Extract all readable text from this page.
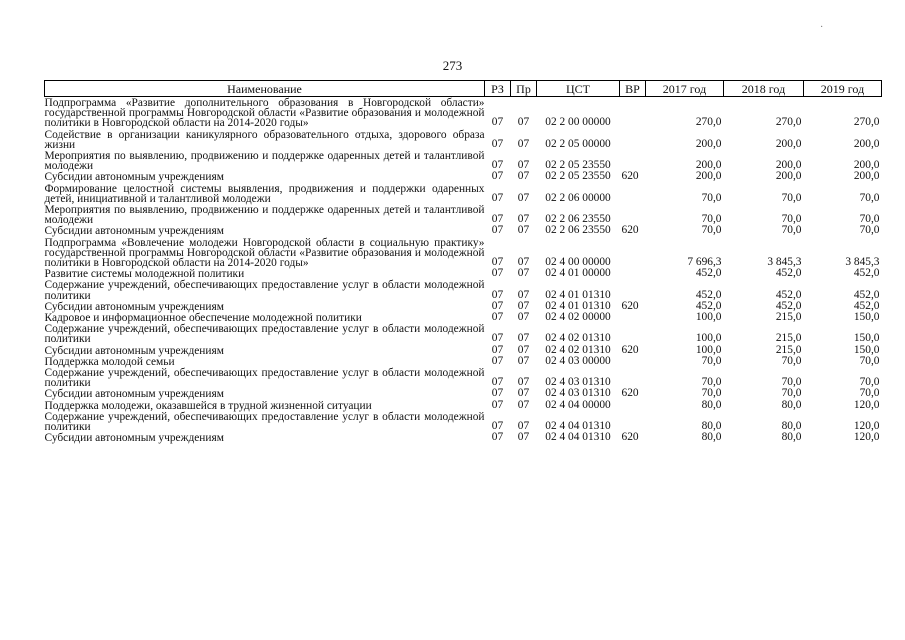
273
Наименование	РЗ	Пр	ЦСТ	ВР	2017 год	2018 год	2019 год
Подпрограмма «Развитие дополнительного образования в Новгородской области» государственной программы Новгородской области «Развитие образования и молодежной политики в Новгородской области на 2014-2020 годы»	07	07	02 2 00 00000		270,0	270,0	270,0
Содействие в организации каникулярного образовательного отдыха, здорового образа жизни	07	07	02 2 05 00000		200,0	200,0	200,0
Мероприятия по выявлению, продвижению и поддержке одаренных детей и талантливой молодежи	07	07	02 2 05 23550		200,0	200,0	200,0
Субсидии автономным учреждениям	07	07	02 2 05 23550	620	200,0	200,0	200,0
Формирование целостной системы выявления, продвижения и поддержки одаренных детей, инициативной и талантливой молодежи	07	07	02 2 06 00000		70,0	70,0	70,0
Мероприятия по выявлению, продвижению и поддержке одаренных детей и талантливой молодежи	07	07	02 2 06 23550		70,0	70,0	70,0
Субсидии автономным учреждениям	07	07	02 2 06 23550	620	70,0	70,0	70,0
Подпрограмма «Вовлечение молодежи Новгородской области в социальную практику» государственной программы Новгородской области «Развитие образования и молодежной политики в Новгородской области на 2014-2020 годы»	07	07	02 4 00 00000		7 696,3	3 845,3	3 845,3
Развитие системы молодежной политики	07	07	02 4 01 00000		452,0	452,0	452,0
Содержание учреждений, обеспечивающих предоставление услуг в области молодежной политики	07	07	02 4 01 01310		452,0	452,0	452,0
Субсидии автономным учреждениям	07	07	02 4 01 01310	620	452,0	452,0	452,0
Кадровое и информационное обеспечение молодежной политики	07	07	02 4 02 00000		100,0	215,0	150,0
Содержание учреждений, обеспечивающих предоставление услуг в области молодежной политики	07	07	02 4 02 01310		100,0	215,0	150,0
Субсидии автономным учреждениям	07	07	02 4 02 01310	620	100,0	215,0	150,0
Поддержка молодой семьи	07	07	02 4 03 00000		70,0	70,0	70,0
Содержание учреждений, обеспечивающих предоставление услуг в области молодежной политики	07	07	02 4 03 01310		70,0	70,0	70,0
Субсидии автономным учреждениям	07	07	02 4 03 01310	620	70,0	70,0	70,0
Поддержка молодежи, оказавшейся в трудной жизненной ситуации	07	07	02 4 04 00000		80,0	80,0	120,0
Содержание учреждений, обеспечивающих предоставление услуг в области молодежной политики	07	07	02 4 04 01310		80,0	80,0	120,0
Субсидии автономным учреждениям	07	07	02 4 04 01310	620	80,0	80,0	120,0
·
